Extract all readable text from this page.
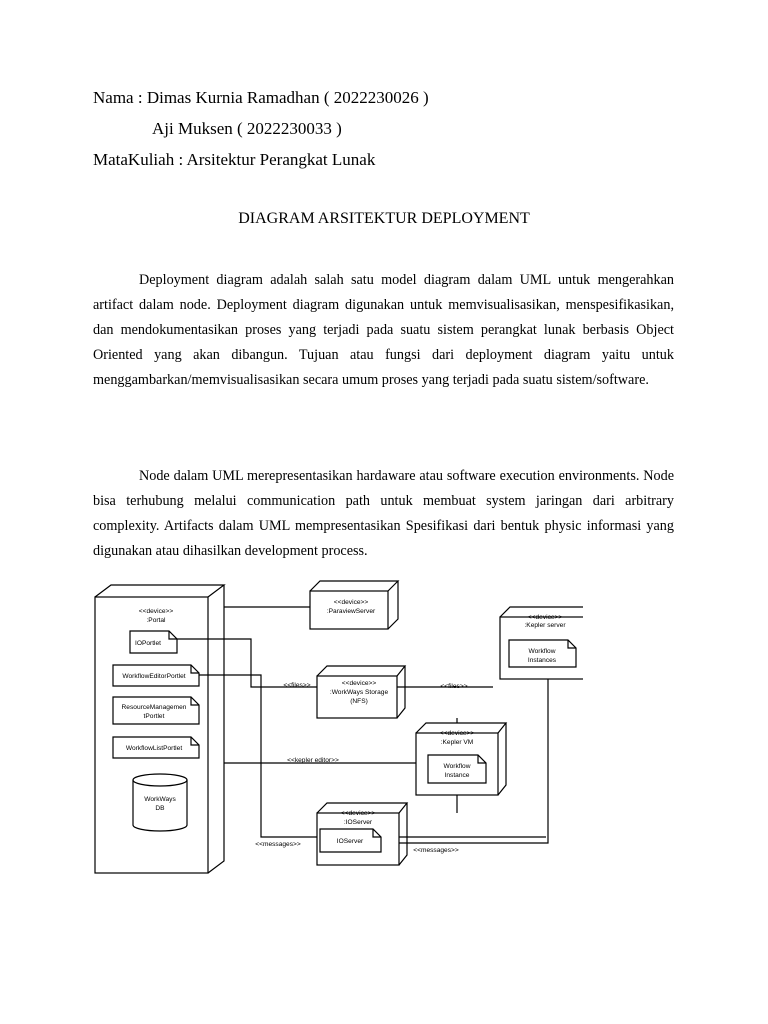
Nama : Dimas Kurnia Ramadhan ( 2022230026 )
Aji Muksen ( 2022230033 )
MataKuliah : Arsitektur Perangkat Lunak
DIAGRAM ARSITEKTUR DEPLOYMENT

Deployment diagram adalah salah satu model diagram dalam UML untuk mengerahkan artifact dalam node. Deployment diagram digunakan untuk memvisualisasikan, menspesifikasikan, dan mendokumentasikan proses yang terjadi pada suatu sistem perangkat lunak berbasis Object Oriented yang akan dibangun. Tujuan atau fungsi dari deployment diagram yaitu untuk menggambarkan/memvisualisasikan secara umum proses yang terjadi pada suatu sistem/software.

Node dalam UML merepresentasikan hardaware atau software execution environments. Node bisa terhubung melalui communication path untuk membuat system jaringan dari arbitrary complexity. Artifacts dalam UML mempresentasikan Spesifikasi dari bentuk physic informasi yang digunakan atau dihasilkan development process.

<<device>>
:Portal
IOPortlet
WorkflowEditorPortlet
ResourceManagemen
tPortlet
WorkflowListPortlet
WorkWays
DB
<<device>>
:ParaviewServer
<<device>>
:WorkWays Storage
(NFS)
<<device>>
:Kepler server
Workflow
Instances
<<device>>
:Kepler VM
Workflow
Instance
<<device>>
:IOServer
IOServer
<<files>>	<<files>>
<<kepler editor>>
<<messages>>
<<messages>>
